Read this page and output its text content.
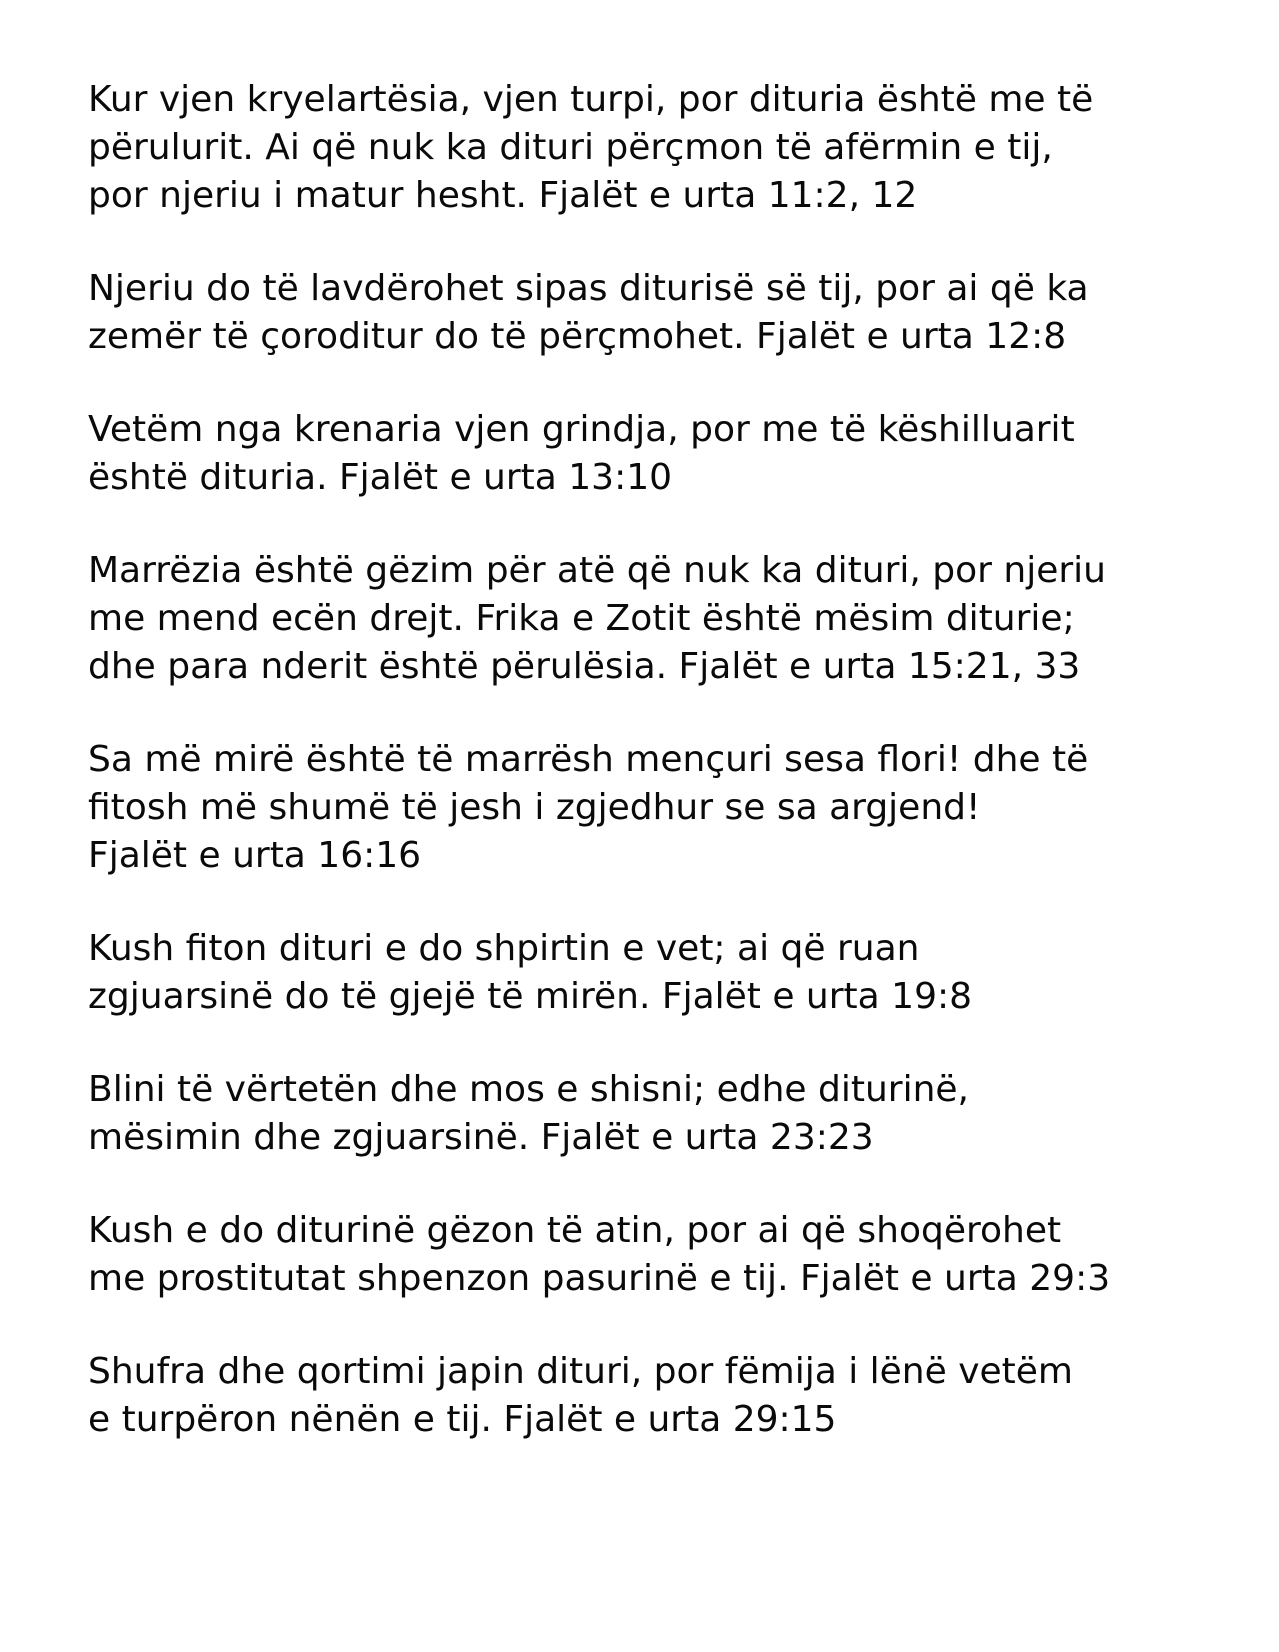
Kur vjen kryelartësia, vjen turpi, por dituria është me të
përulurit. Ai që nuk ka dituri përçmon të afërmin e tij,
por njeriu i matur hesht. Fjalët e urta 11:2, 12

Njeriu do të lavdërohet sipas diturisë së tij, por ai që ka
zemër të çoroditur do të përçmohet. Fjalët e urta 12:8

Vetëm nga krenaria vjen grindja, por me të këshilluarit
është dituria. Fjalët e urta 13:10

Marrëzia është gëzim për atë që nuk ka dituri, por njeriu
me mend ecën drejt. Frika e Zotit është mësim diturie;
dhe para nderit është përulësia. Fjalët e urta 15:21, 33

Sa më mirë është të marrësh mençuri sesa flori! dhe të
fitosh më shumë të jesh i zgjedhur se sa argjend!
Fjalët e urta 16:16

Kush fiton dituri e do shpirtin e vet; ai që ruan
zgjuarsinë do të gjejë të mirën. Fjalët e urta 19:8

Blini të vërtetën dhe mos e shisni; edhe diturinë,
mësimin dhe zgjuarsinë. Fjalët e urta 23:23

Kush e do diturinë gëzon të atin, por ai që shoqërohet
me prostitutat shpenzon pasurinë e tij. Fjalët e urta 29:3

Shufra dhe qortimi japin dituri, por fëmija i lënë vetëm
e turpëron nënën e tij. Fjalët e urta 29:15
